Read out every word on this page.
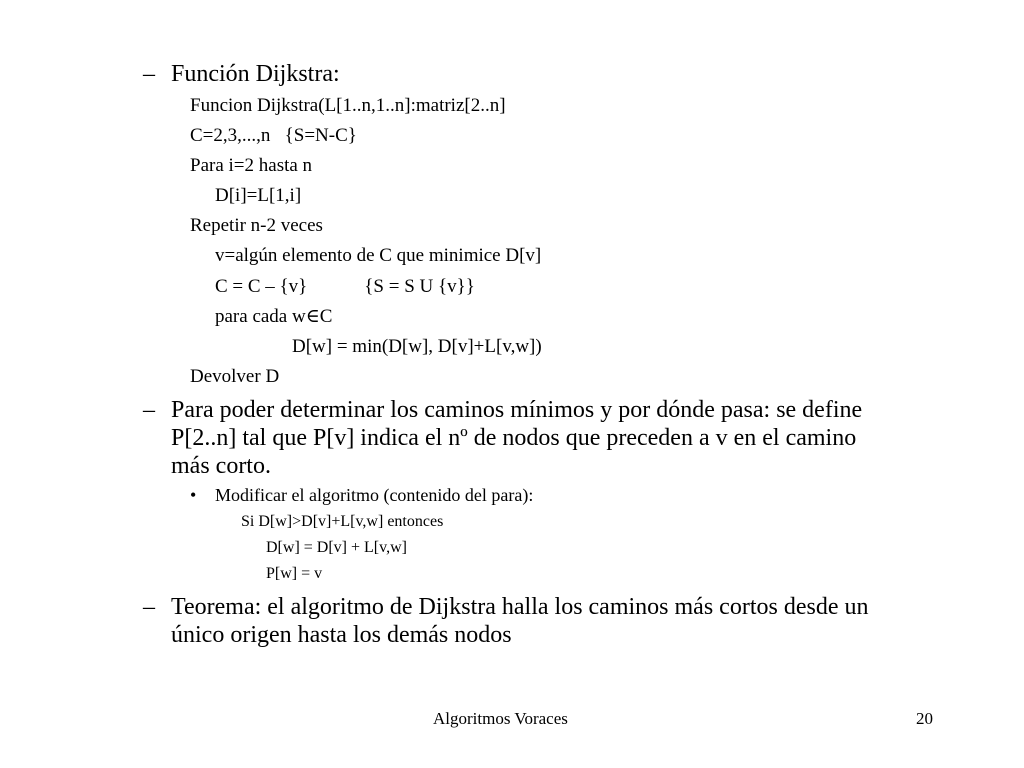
– Función Dijkstra:
Funcion Dijkstra(L[1..n,1..n]:matriz[2..n]
C=2,3,...,n   {S=N-C}
Para i=2 hasta n
D[i]=L[1,i]
Repetir n-2 veces
v=algún elemento de C que minimice D[v]
C = C – {v}            {S = S U {v}}
para cada w∈C
D[w] = min(D[w], D[v]+L[v,w])
Devolver D
– Para poder determinar los caminos mínimos y por dónde pasa: se define
P[2..n] tal que P[v] indica el nº de nodos que preceden a v en el camino
más corto.
• Modificar el algoritmo (contenido del para):
Si D[w]>D[v]+L[v,w] entonces
D[w] = D[v] + L[v,w]
P[w] = v
– Teorema: el algoritmo de Dijkstra halla los caminos más cortos desde un
único origen hasta los demás nodos
Algoritmos Voraces	20
